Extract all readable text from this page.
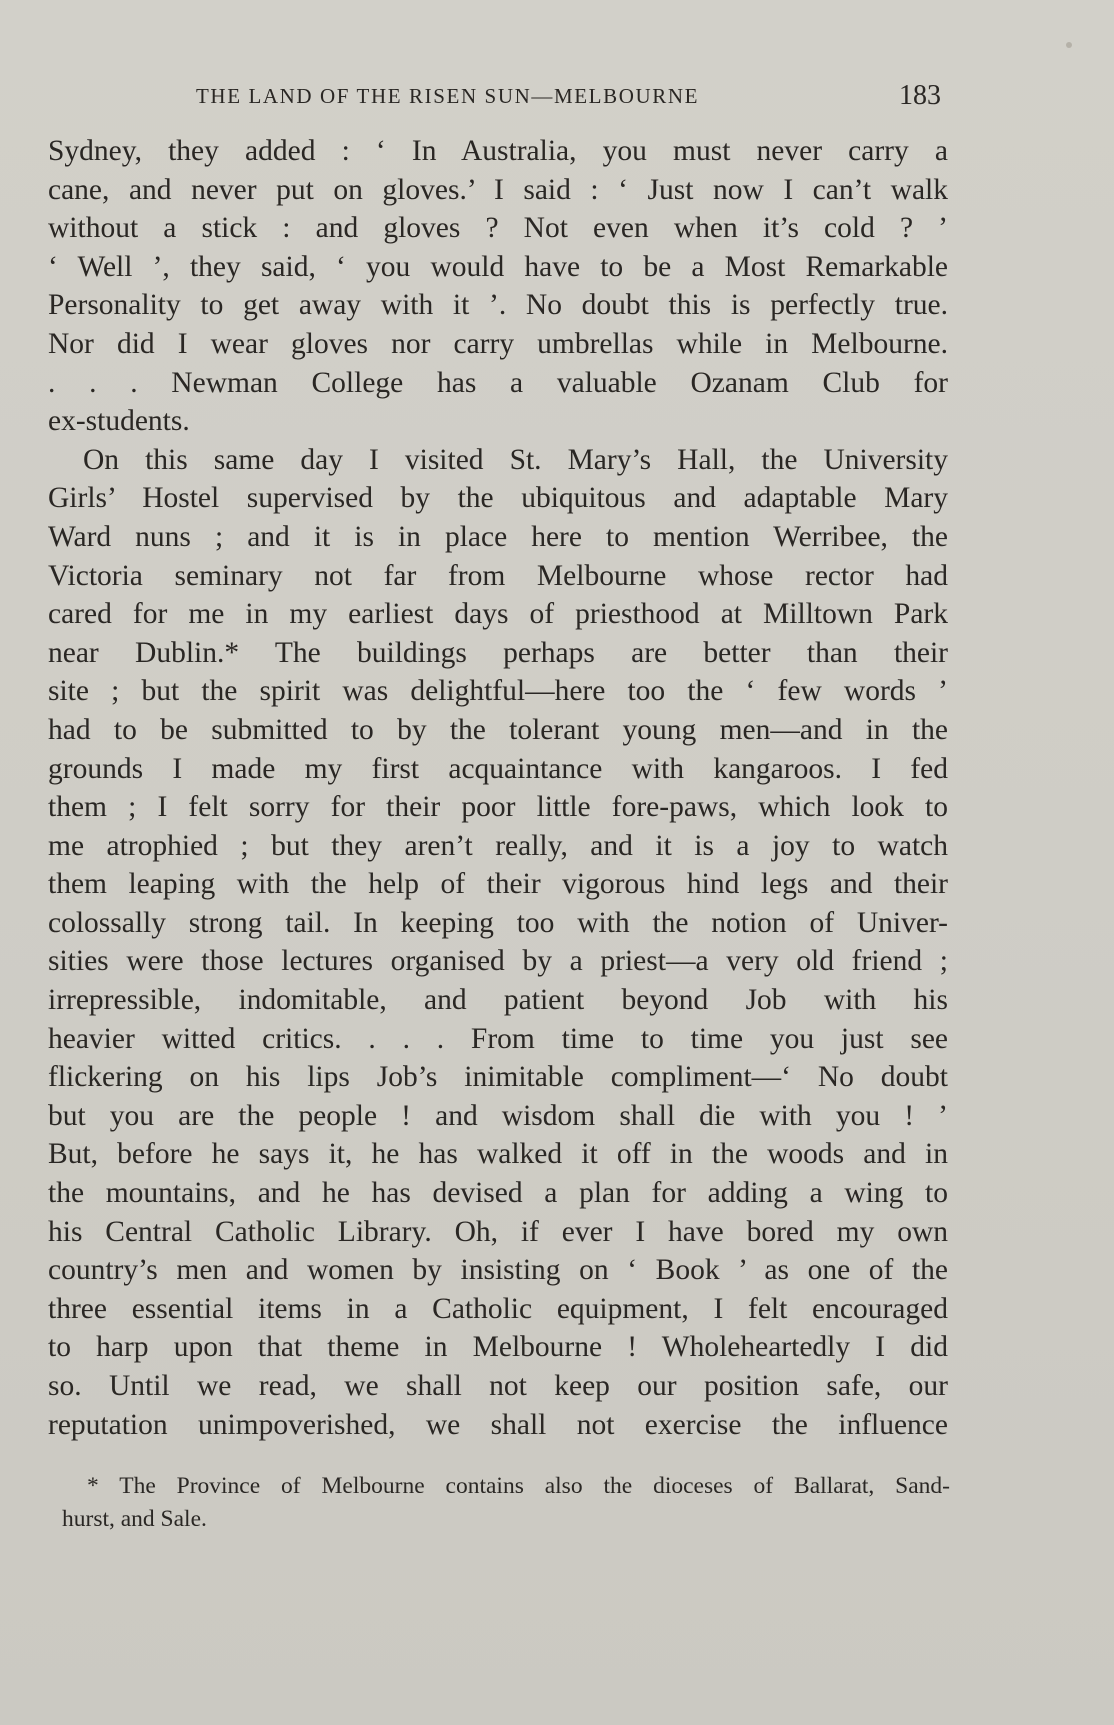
THE LAND OF THE RISEN SUN—MELBOURNE	183
Sydney, they added : ‘ In Australia, you must never carry a
cane, and never put on gloves.’ I said : ‘ Just now I can’t walk
without a stick : and gloves ? Not even when it’s cold ? ’
‘ Well ’, they said, ‘ you would have to be a Most Remarkable
Personality to get away with it ’. No doubt this is perfectly true.
Nor did I wear gloves nor carry umbrellas while in Melbourne.
. . . Newman College has a valuable Ozanam Club for
ex-students.
On this same day I visited St. Mary’s Hall, the University
Girls’ Hostel supervised by the ubiquitous and adaptable Mary
Ward nuns ; and it is in place here to mention Werribee, the
Victoria seminary not far from Melbourne whose rector had
cared for me in my earliest days of priesthood at Milltown Park
near Dublin.* The buildings perhaps are better than their
site ; but the spirit was delightful—here too the ‘ few words ’
had to be submitted to by the tolerant young men—and in the
grounds I made my first acquaintance with kangaroos. I fed
them ; I felt sorry for their poor little fore-paws, which look to
me atrophied ; but they aren’t really, and it is a joy to watch
them leaping with the help of their vigorous hind legs and their
colossally strong tail. In keeping too with the notion of Univer-
sities were those lectures organised by a priest—a very old friend ;
irrepressible, indomitable, and patient beyond Job with his
heavier witted critics. . . . From time to time you just see
flickering on his lips Job’s inimitable compliment—‘ No doubt
but you are the people ! and wisdom shall die with you ! ’
But, before he says it, he has walked it off in the woods and in
the mountains, and he has devised a plan for adding a wing to
his Central Catholic Library. Oh, if ever I have bored my own
country’s men and women by insisting on ‘ Book ’ as one of the
three essential items in a Catholic equipment, I felt encouraged
to harp upon that theme in Melbourne ! Wholeheartedly I did
so. Until we read, we shall not keep our position safe, our
reputation unimpoverished, we shall not exercise the influence
* The Province of Melbourne contains also the dioceses of Ballarat, Sand-
hurst, and Sale.
